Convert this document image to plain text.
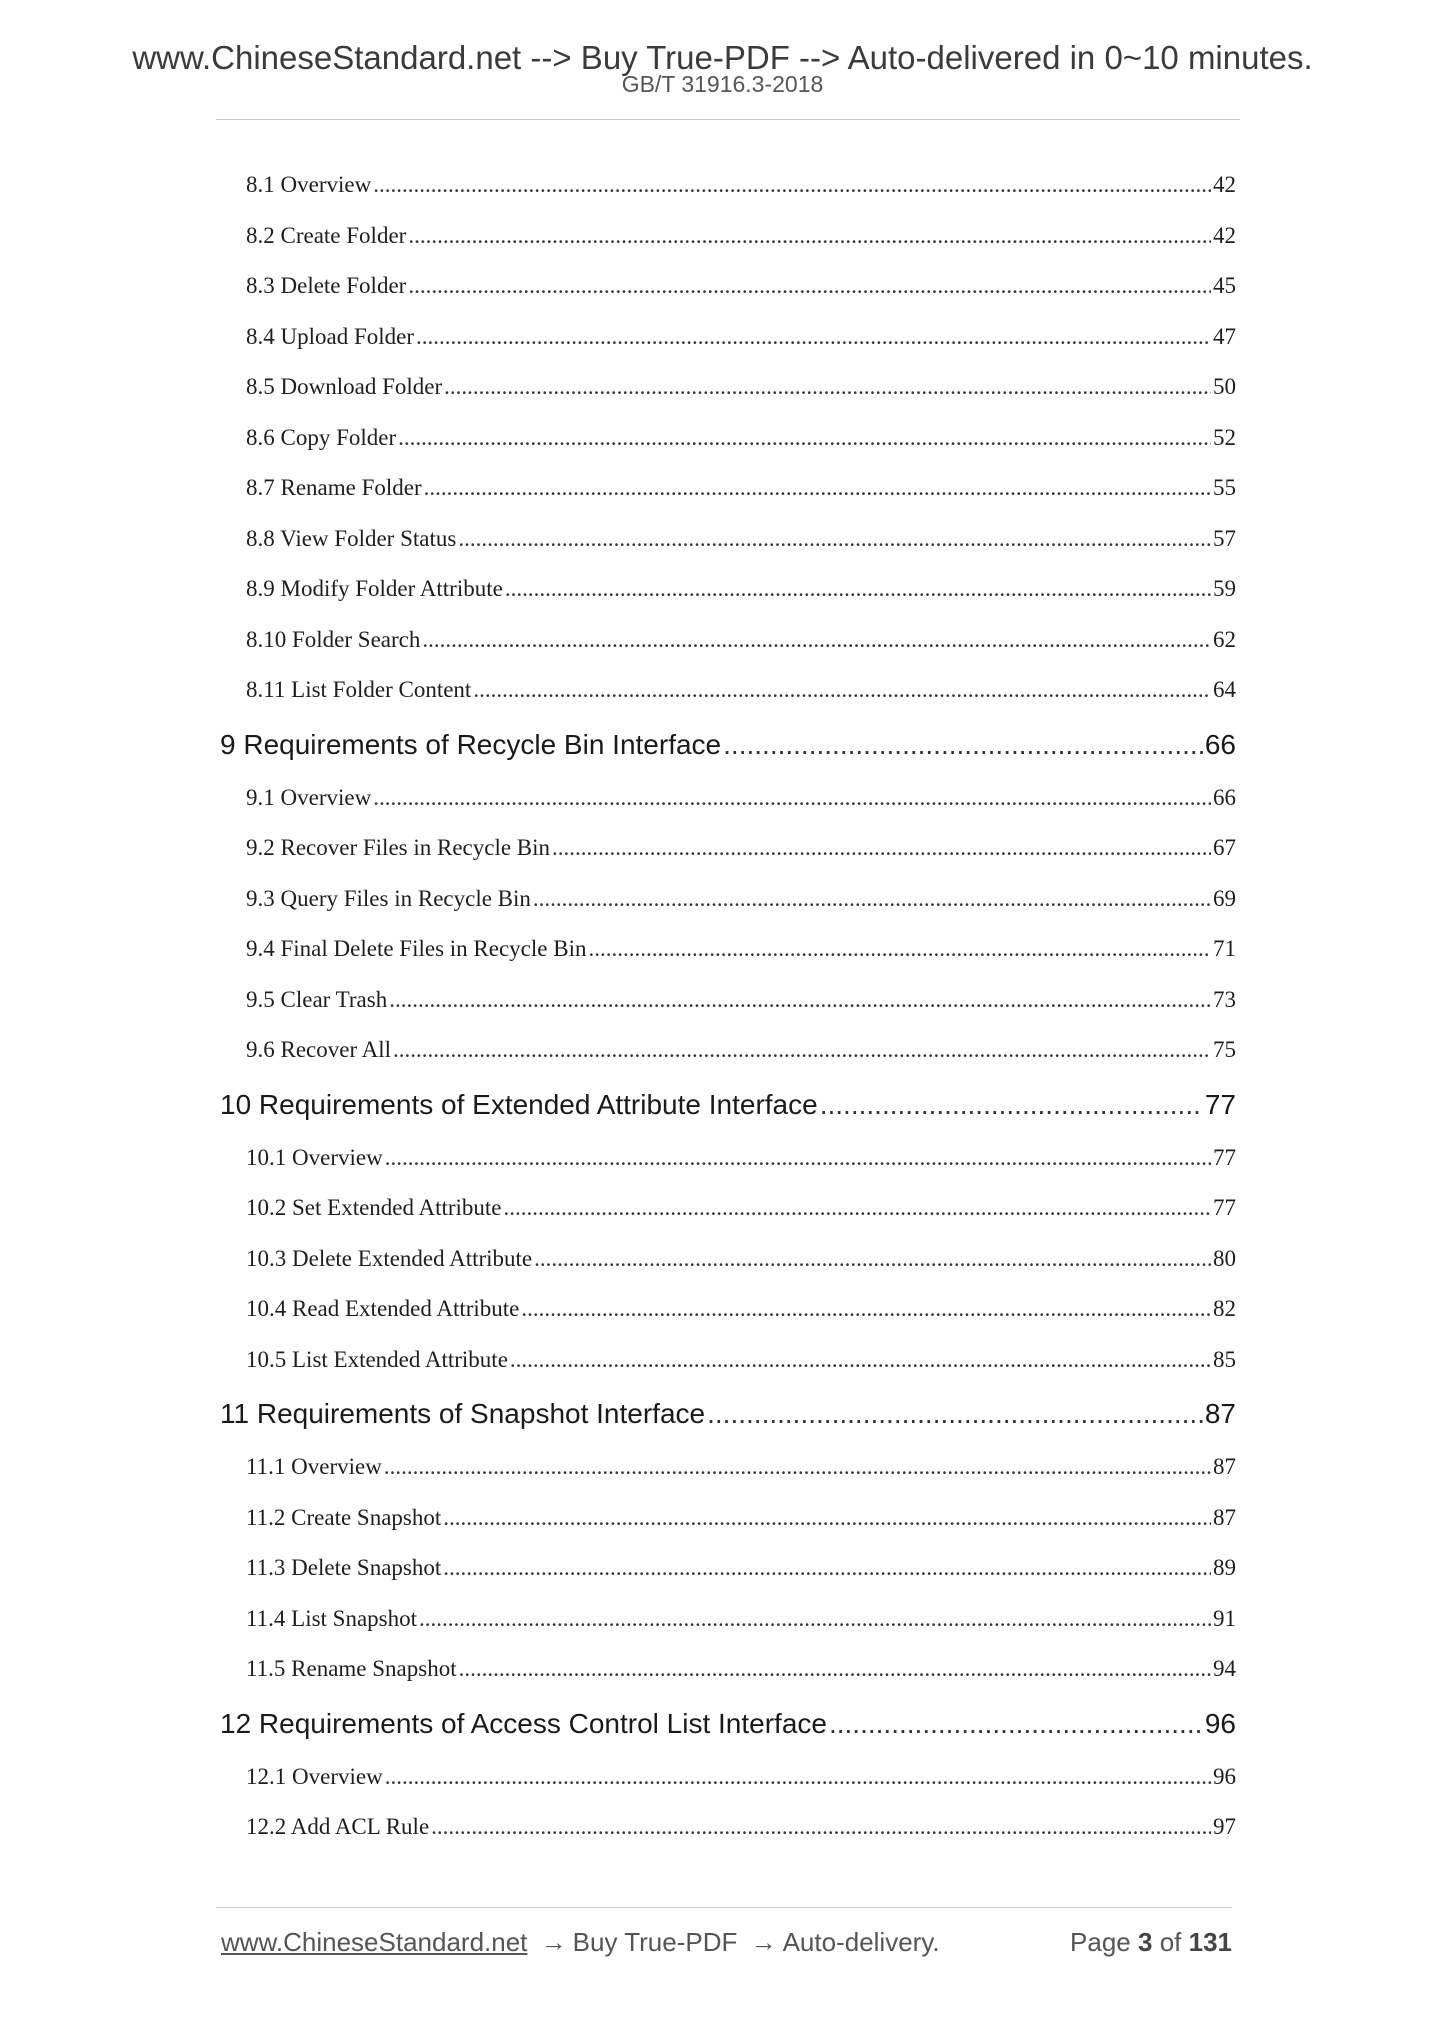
www.ChineseStandard.net --> Buy True-PDF --> Auto-delivered in 0~10 minutes.
GB/T 31916.3-2018
8.1 Overview .....	42
8.2 Create Folder .....	42
8.3 Delete Folder .....	45
8.4 Upload Folder .....	47
8.5 Download Folder .....	50
8.6 Copy Folder .....	52
8.7 Rename Folder .....	55
8.8 View Folder Status .....	57
8.9 Modify Folder Attribute .....	59
8.10 Folder Search .....	62
8.11 List Folder Content .....	64
9 Requirements of Recycle Bin Interface .....	66
9.1 Overview .....	66
9.2 Recover Files in Recycle Bin .....	67
9.3 Query Files in Recycle Bin .....	69
9.4 Final Delete Files in Recycle Bin .....	71
9.5 Clear Trash .....	73
9.6 Recover All .....	75
10 Requirements of Extended Attribute Interface .....	77
10.1 Overview .....	77
10.2 Set Extended Attribute .....	77
10.3 Delete Extended Attribute .....	80
10.4 Read Extended Attribute .....	82
10.5 List Extended Attribute .....	85
11 Requirements of Snapshot Interface .....	87
11.1 Overview .....	87
11.2 Create Snapshot .....	87
11.3 Delete Snapshot .....	89
11.4 List Snapshot .....	91
11.5 Rename Snapshot .....	94
12 Requirements of Access Control List Interface .....	96
12.1 Overview .....	96
12.2 Add ACL Rule .....	97
www.ChineseStandard.net → Buy True-PDF → Auto-delivery.	Page 3 of 131
